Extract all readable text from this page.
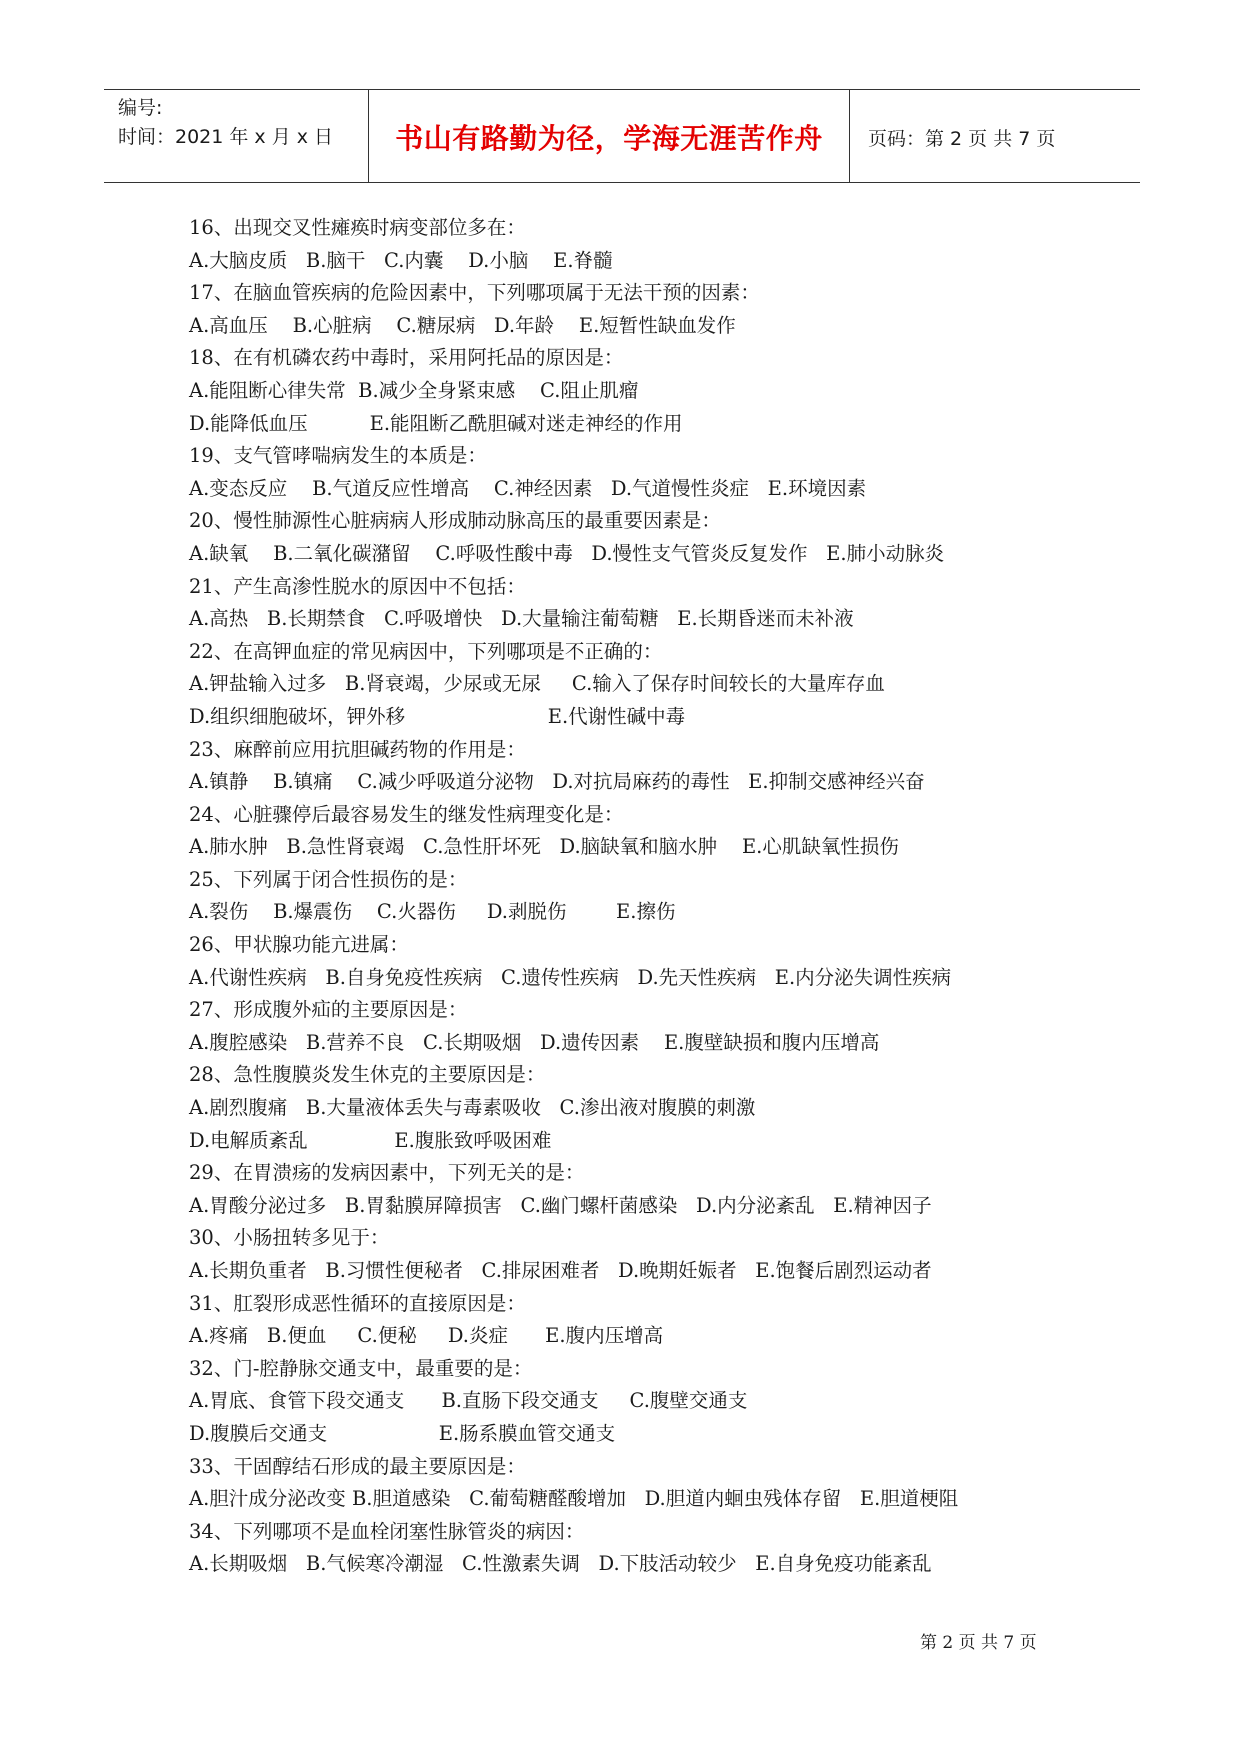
编号:
时间：2021 年 x 月 x 日	书山有路勤为径，学海无涯苦作舟	页码：第 2 页 共 7 页
16、出现交叉性瘫痪时病变部位多在：
A.大脑皮质   B.脑干   C.内囊    D.小脑    E.脊髓
17、在脑血管疾病的危险因素中，下列哪项属于无法干预的因素：
A.高血压    B.心脏病    C.糖尿病   D.年龄    E.短暂性缺血发作
18、在有机磷农药中毒时，采用阿托品的原因是：
A.能阻断心律失常  B.减少全身紧束感    C.阻止肌瘤
D.能降低血压          E.能阻断乙酰胆碱对迷走神经的作用
19、支气管哮喘病发生的本质是：
A.变态反应    B.气道反应性增高    C.神经因素   D.气道慢性炎症   E.环境因素
20、慢性肺源性心脏病病人形成肺动脉高压的最重要因素是：
A.缺氧    B.二氧化碳潴留    C.呼吸性酸中毒   D.慢性支气管炎反复发作   E.肺小动脉炎
21、产生高渗性脱水的原因中不包括：
A.高热   B.长期禁食   C.呼吸增快   D.大量输注葡萄糖   E.长期昏迷而未补液
22、在高钾血症的常见病因中，下列哪项是不正确的：
A.钾盐输入过多   B.肾衰竭，少尿或无尿     C.输入了保存时间较长的大量库存血
D.组织细胞破坏，钾外移                       E.代谢性碱中毒
23、麻醉前应用抗胆碱药物的作用是：
A.镇静    B.镇痛    C.减少呼吸道分泌物   D.对抗局麻药的毒性   E.抑制交感神经兴奋
24、心脏骤停后最容易发生的继发性病理变化是：
A.肺水肿   B.急性肾衰竭   C.急性肝坏死   D.脑缺氧和脑水肿    E.心肌缺氧性损伤
25、下列属于闭合性损伤的是：
A.裂伤    B.爆震伤    C.火器伤     D.剥脱伤        E.擦伤
26、甲状腺功能亢进属：
A.代谢性疾病   B.自身免疫性疾病   C.遗传性疾病   D.先天性疾病   E.内分泌失调性疾病
27、形成腹外疝的主要原因是：
A.腹腔感染   B.营养不良   C.长期吸烟   D.遗传因素    E.腹壁缺损和腹内压增高
28、急性腹膜炎发生休克的主要原因是：
A.剧烈腹痛   B.大量液体丢失与毒素吸收   C.渗出液对腹膜的刺激
D.电解质紊乱              E.腹胀致呼吸困难
29、在胃溃疡的发病因素中，下列无关的是：
A.胃酸分泌过多   B.胃黏膜屏障损害   C.幽门螺杆菌感染   D.内分泌紊乱   E.精神因子
30、小肠扭转多见于：
A.长期负重者   B.习惯性便秘者   C.排尿困难者   D.晚期妊娠者   E.饱餐后剧烈运动者
31、肛裂形成恶性循环的直接原因是：
A.疼痛   B.便血     C.便秘     D.炎症      E.腹内压增高
32、门-腔静脉交通支中，最重要的是：
A.胃底、食管下段交通支      B.直肠下段交通支     C.腹壁交通支
D.腹膜后交通支                  E.肠系膜血管交通支
33、干固醇结石形成的最主要原因是：
A.胆汁成分泌改变 B.胆道感染   C.葡萄糖醛酸增加   D.胆道内蛔虫残体存留   E.胆道梗阻
34、下列哪项不是血栓闭塞性脉管炎的病因：
A.长期吸烟   B.气候寒冷潮湿   C.性激素失调   D.下肢活动较少   E.自身免疫功能紊乱
第 2 页 共 7 页
